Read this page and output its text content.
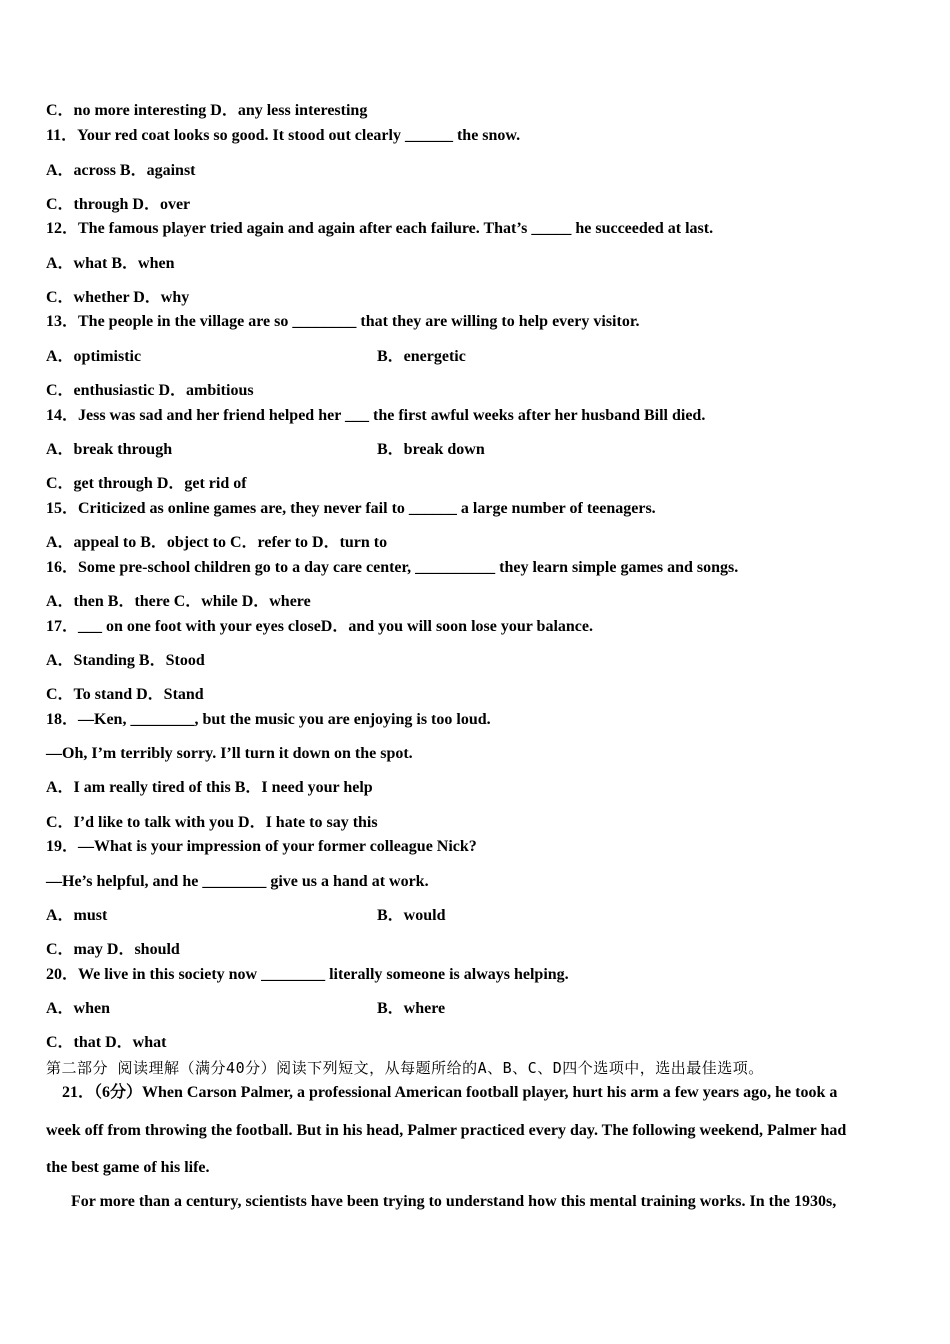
C．no more interesting D．any less interesting
11．Your red coat looks so good. It stood out clearly ______ the snow.
A．across B．against
C．through D．over
12．The famous player tried again and again after each failure. That’s _____ he succeeded at last.
A．what B．when
C．whether D．why
13．The people in the village are so ________ that they are willing to help every visitor.
A．optimistic	B．energetic
C．enthusiastic D．ambitious
14．Jess was sad and her friend helped her ___ the first awful weeks after her husband Bill died.
A．break through	B．break down
C．get through D．get rid of
15．Criticized as online games are, they never fail to ______ a large number of teenagers.
A．appeal to B．object to C．refer to D．turn to
16．Some pre-school children go to a day care center, __________ they learn simple games and songs.
A．then B．there C．while D．where
17．___ on one foot with your eyes closeD．and you will soon lose your balance.
A．Standing B．Stood
C．To stand D．Stand
18．—Ken, ________, but the music you are enjoying is too loud.
—Oh, I’m terribly sorry. I’ll turn it down on the spot.
A．I am really tired of this B．I need your help
C．I’d like to talk with you D．I hate to say this
19．—What is your impression of your former colleague Nick?
—He’s helpful, and he ________ give us a hand at work.
A．must	B．would
C．may D．should
20．We live in this society now ________ literally someone is always helping.
A．when	B．where
C．that D．what
第二部分 阅读理解（满分40分）阅读下列短文，从每题所给的A、B、C、D四个选项中，选出最佳选项。
21．（6分）When Carson Palmer, a professional American football player, hurt his arm a few years ago, he took a
week off from throwing the football. But in his head, Palmer practiced every day. The following weekend, Palmer had
the best game of his life.
For more than a century, scientists have been trying to understand how this mental training works. In the 1930s,
